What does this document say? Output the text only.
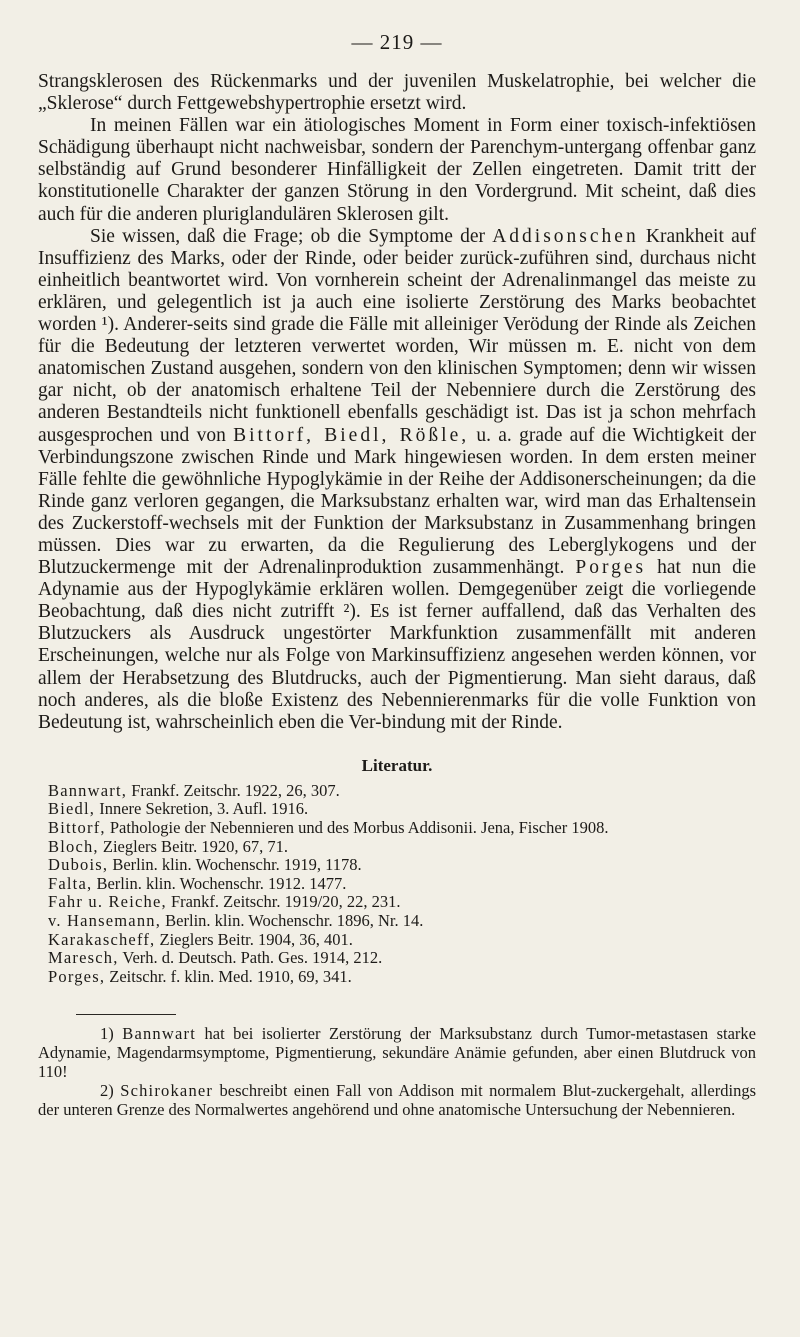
— 219 —

Strangsklerosen des Rückenmarks und der juvenilen Muskelatrophie, bei welcher die „Sklerose“ durch Fettgewebshypertrophie ersetzt wird.

In meinen Fällen war ein ätiologisches Moment in Form einer toxisch-infektiösen Schädigung überhaupt nicht nachweisbar, sondern der Parenchym-untergang offenbar ganz selbständig auf Grund besonderer Hinfälligkeit der Zellen eingetreten. Damit tritt der konstitutionelle Charakter der ganzen Störung in den Vordergrund. Mit scheint, daß dies auch für die anderen pluriglandulären Sklerosen gilt.

Sie wissen, daß die Frage; ob die Symptome der Addisonschen Krankheit auf Insuffizienz des Marks, oder der Rinde, oder beider zurück-zuführen sind, durchaus nicht einheitlich beantwortet wird. Von vornherein scheint der Adrenalinmangel das meiste zu erklären, und gelegentlich ist ja auch eine isolierte Zerstörung des Marks beobachtet worden ¹). Anderer-seits sind grade die Fälle mit alleiniger Verödung der Rinde als Zeichen für die Bedeutung der letzteren verwertet worden, Wir müssen m. E. nicht von dem anatomischen Zustand ausgehen, sondern von den klinischen Symptomen; denn wir wissen gar nicht, ob der anatomisch erhaltene Teil der Nebenniere durch die Zerstörung des anderen Bestandteils nicht funktionell ebenfalls geschädigt ist. Das ist ja schon mehrfach ausgesprochen und von Bittorf, Biedl, Rößle, u. a. grade auf die Wichtigkeit der Verbindungszone zwischen Rinde und Mark hingewiesen worden. In dem ersten meiner Fälle fehlte die gewöhnliche Hypoglykämie in der Reihe der Addisonerscheinungen; da die Rinde ganz verloren gegangen, die Marksubstanz erhalten war, wird man das Erhaltensein des Zuckerstoff-wechsels mit der Funktion der Marksubstanz in Zusammenhang bringen müssen. Dies war zu erwarten, da die Regulierung des Leberglykogens und der Blutzuckermenge mit der Adrenalinproduktion zusammenhängt. Porges hat nun die Adynamie aus der Hypoglykämie erklären wollen. Demgegenüber zeigt die vorliegende Beobachtung, daß dies nicht zutrifft ²). Es ist ferner auffallend, daß das Verhalten des Blutzuckers als Ausdruck ungestörter Markfunktion zusammenfällt mit anderen Erscheinungen, welche nur als Folge von Markinsuffizienz angesehen werden können, vor allem der Herabsetzung des Blutdrucks, auch der Pigmentierung. Man sieht daraus, daß noch anderes, als die bloße Existenz des Nebennierenmarks für die volle Funktion von Bedeutung ist, wahrscheinlich eben die Ver-bindung mit der Rinde.

Literatur.
Bannwart, Frankf. Zeitschr. 1922, 26, 307.
Biedl, Innere Sekretion, 3. Aufl. 1916.
Bittorf, Pathologie der Nebennieren und des Morbus Addisonii. Jena, Fischer 1908.
Bloch, Zieglers Beitr. 1920, 67, 71.
Dubois, Berlin. klin. Wochenschr. 1919, 1178.
Falta, Berlin. klin. Wochenschr. 1912. 1477.
Fahr u. Reiche, Frankf. Zeitschr. 1919/20, 22, 231.
v. Hansemann, Berlin. klin. Wochenschr. 1896, Nr. 14.
Karakascheff, Zieglers Beitr. 1904, 36, 401.
Maresch, Verh. d. Deutsch. Path. Ges. 1914, 212.
Porges, Zeitschr. f. klin. Med. 1910, 69, 341.

1) Bannwart hat bei isolierter Zerstörung der Marksubstanz durch Tumor-metastasen starke Adynamie, Magendarmsymptome, Pigmentierung, sekundäre Anämie gefunden, aber einen Blutdruck von 110!

2) Schirokaner beschreibt einen Fall von Addison mit normalem Blut-zuckergehalt, allerdings der unteren Grenze des Normalwertes angehörend und ohne anatomische Untersuchung der Nebennieren.
